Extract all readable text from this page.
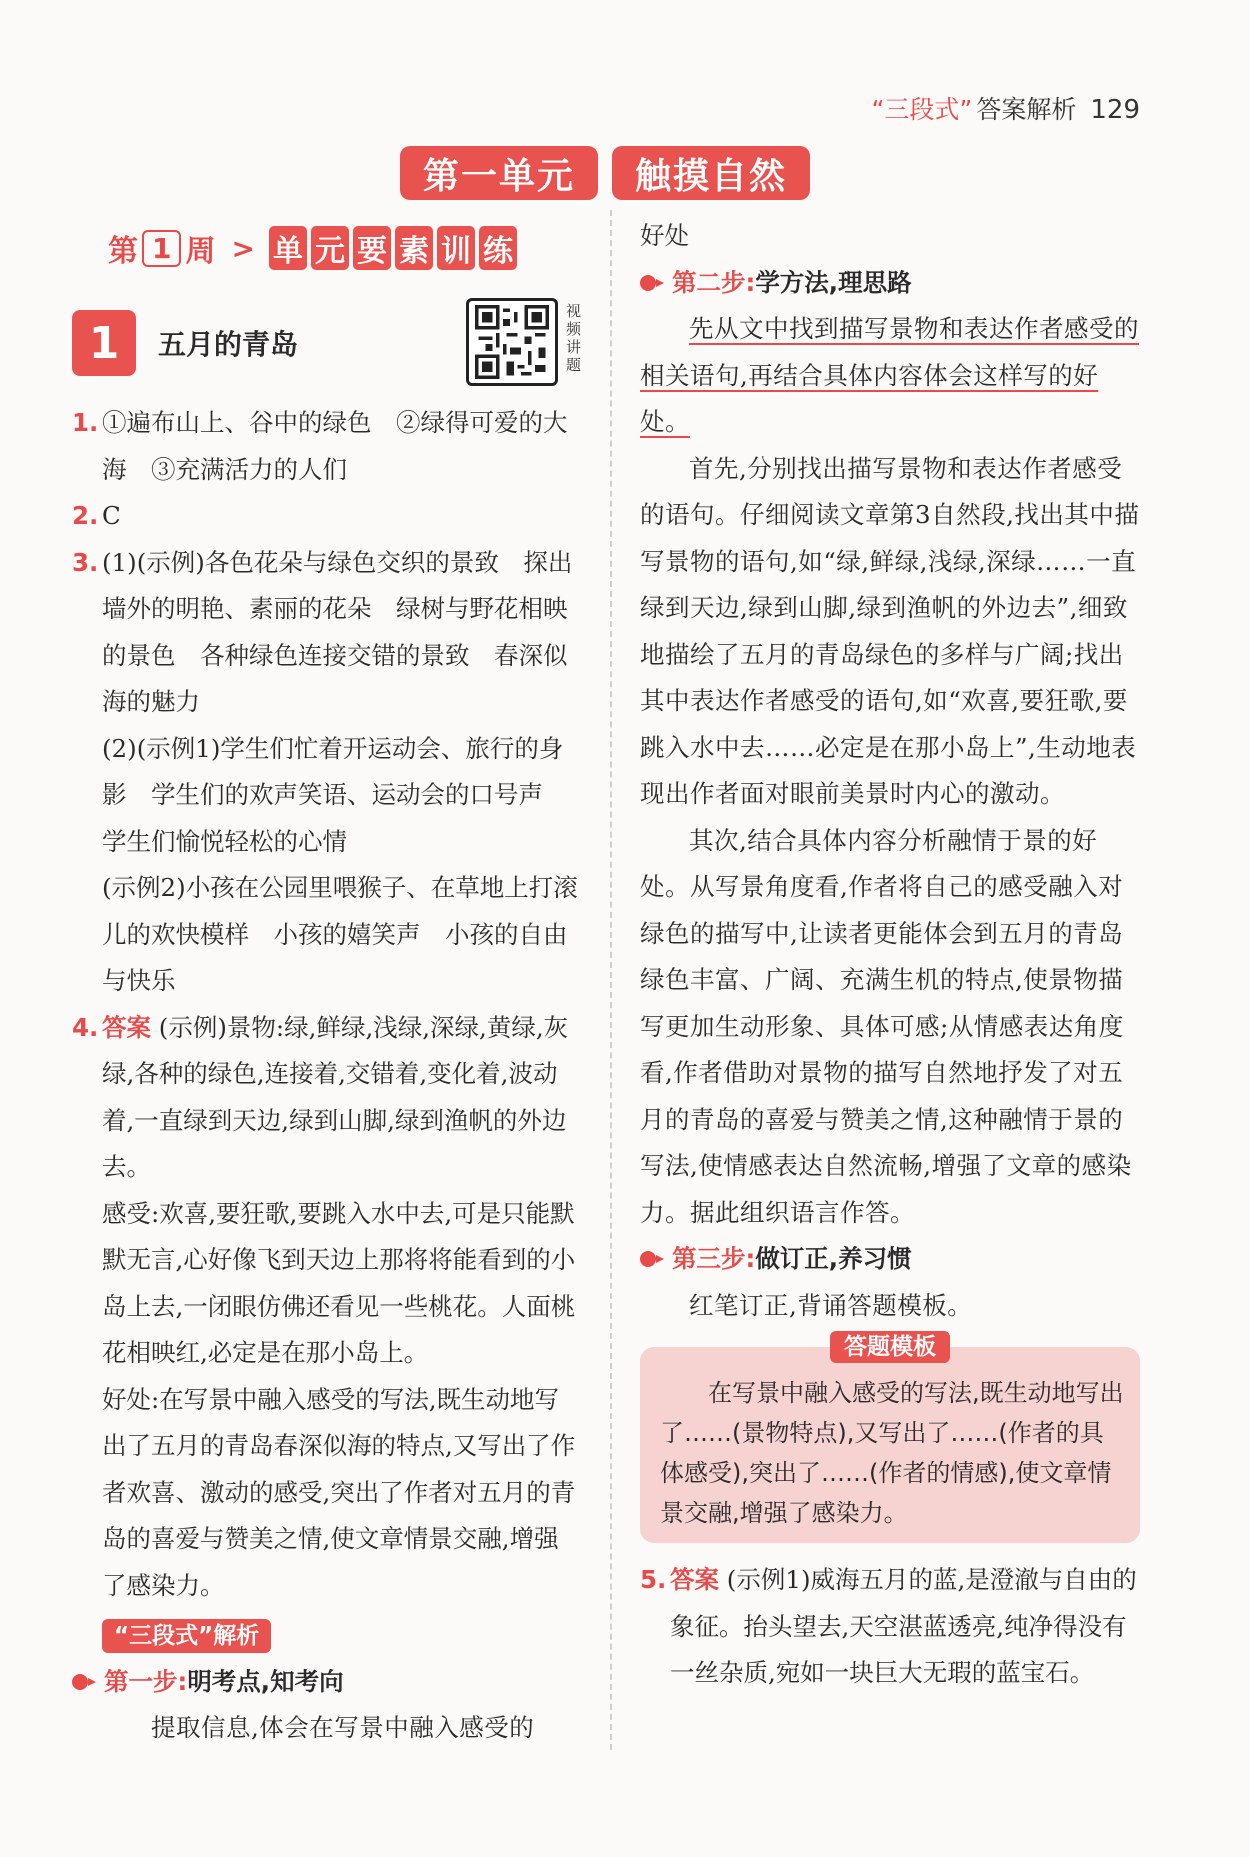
“三段式” 答案解析 129
第一单元	触摸自然
第 1 周 > 单 元 要 素 训 练
1	五月的青岛
视频讲题
1. ①遍布山上、谷中的绿色　②绿得可爱的大海　③充满活力的人们
2. C
3. (1)(示例)各色花朵与绿色交织的景致　探出墙外的明艳、素丽的花朵　绿树与野花相映的景色　各种绿色连接交错的景致　春深似海的魅力
(2)(示例1)学生们忙着开运动会、旅行的身影　学生们的欢声笑语、运动会的口号声　学生们愉悦轻松的心情
(示例2)小孩在公园里喂猴子、在草地上打滚儿的欢快模样　小孩的嬉笑声　小孩的自由与快乐
4. 答案 (示例)景物:绿,鲜绿,浅绿,深绿,黄绿,灰绿,各种的绿色,连接着,交错着,变化着,波动着,一直绿到天边,绿到山脚,绿到渔帆的外边去。
感受:欢喜,要狂歌,要跳入水中去,可是只能默默无言,心好像飞到天边上那将将能看到的小岛上去,一闭眼仿佛还看见一些桃花。人面桃花相映红,必定是在那小岛上。
好处:在写景中融入感受的写法,既生动地写出了五月的青岛春深似海的特点,又写出了作者欢喜、激动的感受,突出了作者对五月的青岛的喜爱与赞美之情,使文章情景交融,增强了感染力。
“三段式”解析
第一步: 明考点,知考向
提取信息,体会在写景中融入感受的
好处
第二步: 学方法,理思路
先从文中找到描写景物和表达作者感受的相关语句,再结合具体内容体会这样写的好处。
首先,分别找出描写景物和表达作者感受的语句。仔细阅读文章第3自然段,找出其中描写景物的语句,如“绿,鲜绿,浅绿,深绿……一直绿到天边,绿到山脚,绿到渔帆的外边去”,细致地描绘了五月的青岛绿色的多样与广阔;找出其中表达作者感受的语句,如“欢喜,要狂歌,要跳入水中去……必定是在那小岛上”,生动地表现出作者面对眼前美景时内心的激动。
其次,结合具体内容分析融情于景的好处。从写景角度看,作者将自己的感受融入对绿色的描写中,让读者更能体会到五月的青岛绿色丰富、广阔、充满生机的特点,使景物描写更加生动形象、具体可感;从情感表达角度看,作者借助对景物的描写自然地抒发了对五月的青岛的喜爱与赞美之情,这种融情于景的写法,使情感表达自然流畅,增强了文章的感染力。据此组织语言作答。
第三步: 做订正,养习惯
红笔订正,背诵答题模板。
答题模板
在写景中融入感受的写法,既生动地写出了……(景物特点),又写出了……(作者的具体感受),突出了……(作者的情感),使文章情景交融,增强了感染力。
5. 答案 (示例1)威海五月的蓝,是澄澈与自由的象征。抬头望去,天空湛蓝透亮,纯净得没有一丝杂质,宛如一块巨大无瑕的蓝宝石。
